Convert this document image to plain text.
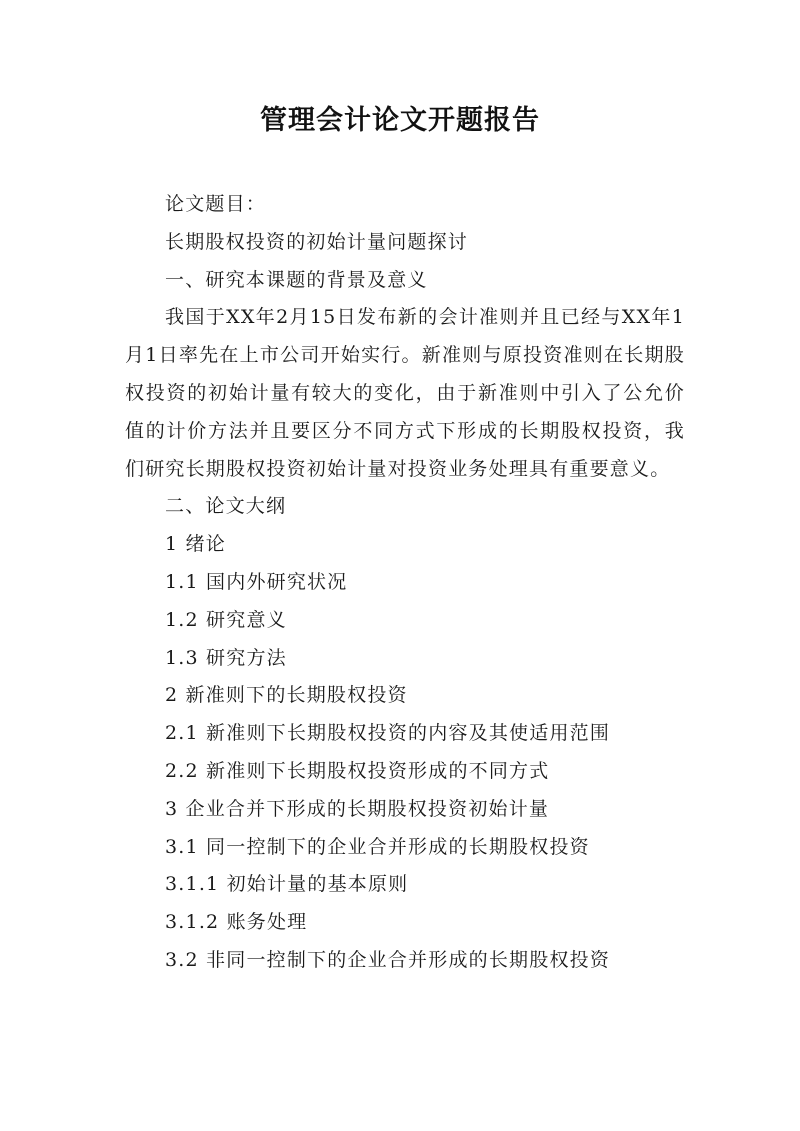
管理会计论文开题报告
论文题目：
长期股权投资的初始计量问题探讨
一、研究本课题的背景及意义

我国于XX年2月15日发布新的会计准则并且已经与XX年1月1日率先在上市公司开始实行。新准则与原投资准则在长期股权投资的初始计量有较大的变化，由于新准则中引入了公允价值的计价方法并且要区分不同方式下形成的长期股权投资，我们研究长期股权投资初始计量对投资业务处理具有重要意义。

二、论文大纲
1 绪论
1.1 国内外研究状况
1.2 研究意义
1.3 研究方法
2 新准则下的长期股权投资
2.1 新准则下长期股权投资的内容及其使适用范围
2.2 新准则下长期股权投资形成的不同方式
3 企业合并下形成的长期股权投资初始计量
3.1 同一控制下的企业合并形成的长期股权投资
3.1.1 初始计量的基本原则
3.1.2 账务处理
3.2 非同一控制下的企业合并形成的长期股权投资
